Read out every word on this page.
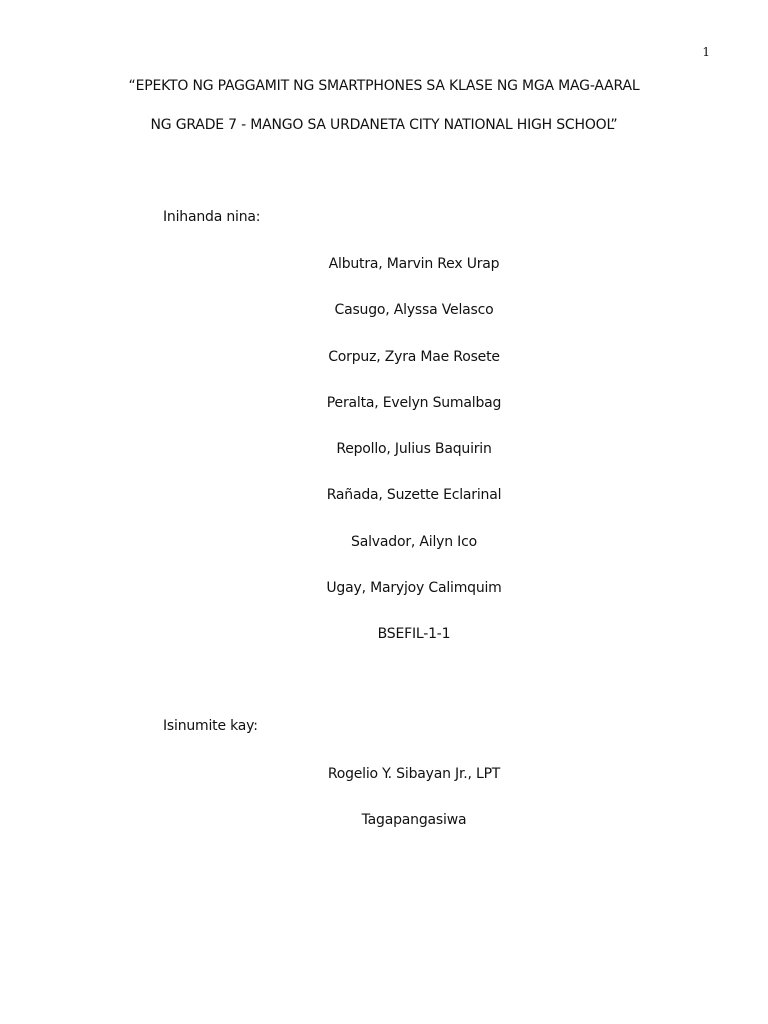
1
“EPEKTO NG PAGGAMIT NG SMARTPHONES SA KLASE NG MGA MAG-AARAL
NG GRADE 7 - MANGO SA URDANETA CITY NATIONAL HIGH SCHOOL”
Inihanda nina:
Albutra, Marvin Rex Urap
Casugo, Alyssa Velasco
Corpuz, Zyra Mae Rosete
Peralta, Evelyn Sumalbag
Repollo, Julius Baquirin
Rañada, Suzette Eclarinal
Salvador, Ailyn Ico
Ugay, Maryjoy Calimquim
BSEFIL-1-1
Isinumite kay:
Rogelio Y. Sibayan Jr., LPT
Tagapangasiwa
